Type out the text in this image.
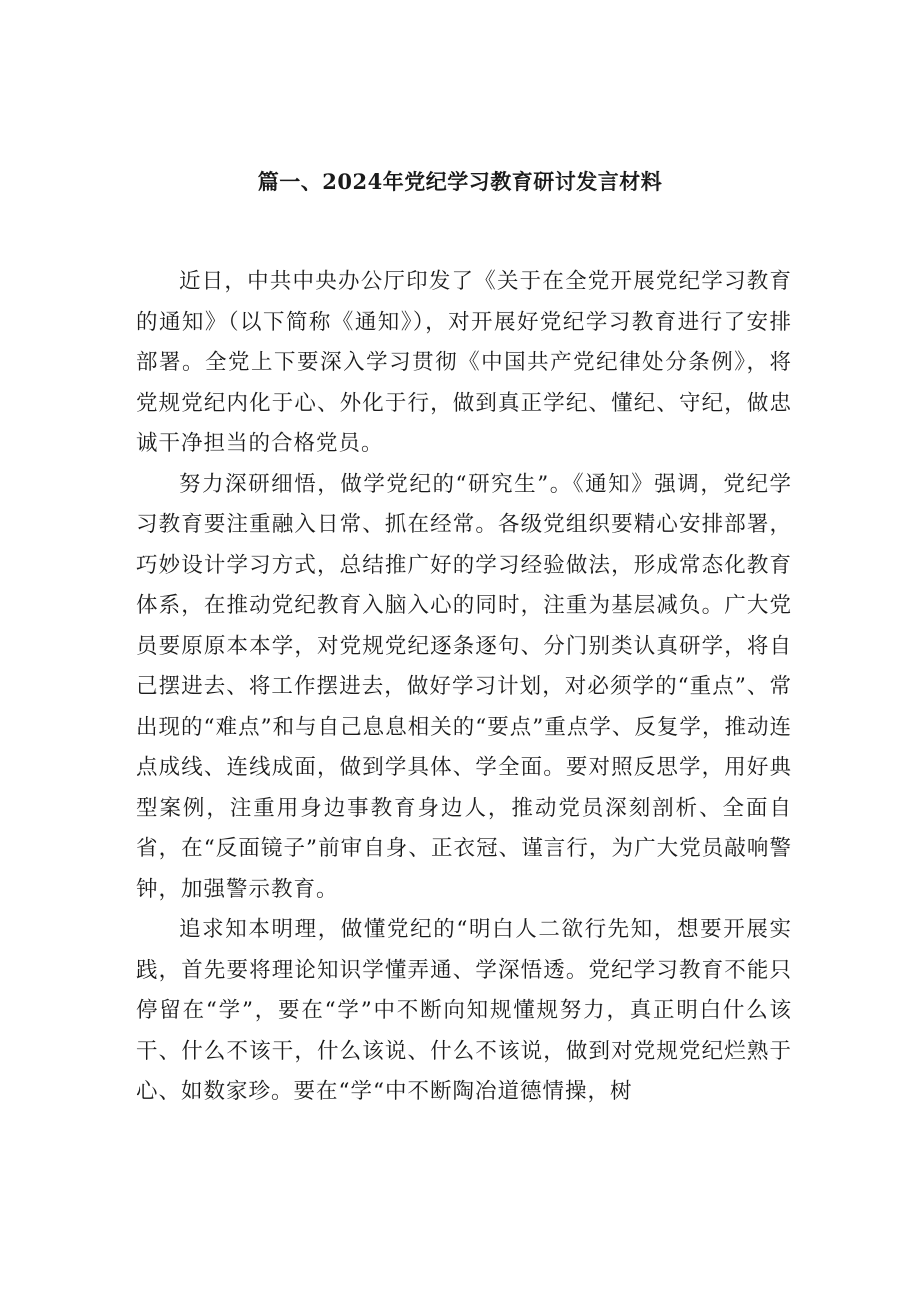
篇一、2024年党纪学习教育研讨发言材料

近日，中共中央办公厅印发了《关于在全党开展党纪学习教育的通知》（以下简称《通知》），对开展好党纪学习教育进行了安排部署。全党上下要深入学习贯彻《中国共产党纪律处分条例》，将党规党纪内化于心、外化于行，做到真正学纪、懂纪、守纪，做忠诚干净担当的合格党员。

努力深研细悟，做学党纪的“研究生”。《通知》强调，党纪学习教育要注重融入日常、抓在经常。各级党组织要精心安排部署，巧妙设计学习方式，总结推广好的学习经验做法，形成常态化教育体系，在推动党纪教育入脑入心的同时，注重为基层减负。广大党员要原原本本学，对党规党纪逐条逐句、分门别类认真研学，将自己摆进去、将工作摆进去，做好学习计划，对必须学的“重点”、常出现的“难点”和与自己息息相关的“要点”重点学、反复学，推动连点成线、连线成面，做到学具体、学全面。要对照反思学，用好典型案例，注重用身边事教育身边人，推动党员深刻剖析、全面自省，在“反面镜子”前审自身、正衣冠、谨言行，为广大党员敲响警钟，加强警示教育。

追求知本明理，做懂党纪的“明白人二欲行先知，想要开展实践，首先要将理论知识学懂弄通、学深悟透。党纪学习教育不能只停留在“学”，要在“学”中不断向知规懂规努力，真正明白什么该干、什么不该干，什么该说、什么不该说，做到对党规党纪烂熟于心、如数家珍。要在“学“中不断陶冶道德情操，树
